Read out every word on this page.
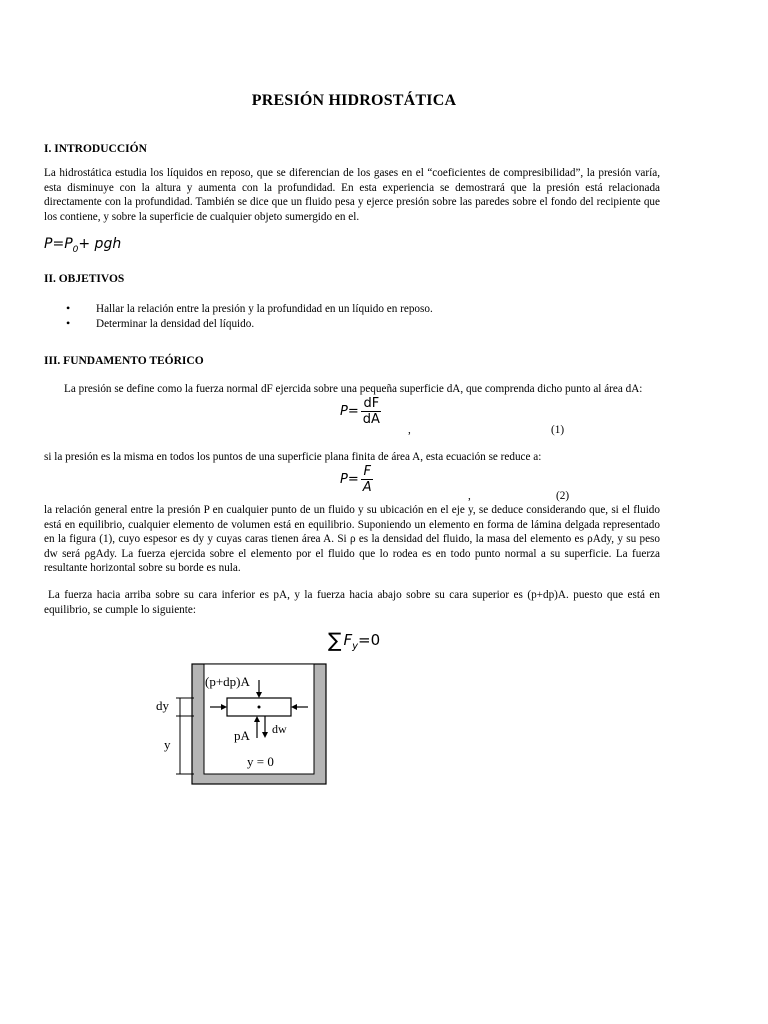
PRESIÓN HIDROSTÁTICA
I. INTRODUCCIÓN
La hidrostática estudia los líquidos en reposo, que se diferencian de los gases en el “coeficientes de compresibilidad”, la presión varía, esta disminuye con la altura y aumenta con la profundidad. En esta experiencia se demostrará que la presión está relacionada directamente con la profundidad. También se dice que un fluido pesa y ejerce presión sobre las paredes sobre el fondo del recipiente que los contiene, y sobre la superficie de cualquier objeto sumergido en el.
$P=P_0+$ pgh
II. OBJETIVOS
• Hallar la relación entre la presión y la profundidad en un líquido en reposo.
• Determinar la densidad del líquido.
III. FUNDAMENTO TEÓRICO
La presión se define como la fuerza normal dF ejercida sobre una pequeña superficie dA, que comprenda dicho punto al área dA:
$P= \frac{dF}{dA}$
,	(1)
si la presión es la misma en todos los puntos de una superficie plana finita de área A, esta ecuación se reduce a:
$P= \frac{F}{A}$
,	(2)
la relación general entre la presión P en cualquier punto de un fluido y su ubicación en el eje y, se deduce considerando que, si el fluido está en equilibrio, cualquier elemento de volumen está en equilibrio. Suponiendo un elemento en forma de lámina delgada representado en la figura (1), cuyo espesor es dy y cuyas caras tienen área A. Si ρ es la densidad del fluido, la masa del elemento es ρAdy, y su peso dw será ρgAdy. La fuerza ejercida sobre el elemento por el fluido que lo rodea es en todo punto normal a su superficie. La fuerza resultante horizontal sobre su borde es nula.
La fuerza hacia arriba sobre su cara inferior es pA, y la fuerza hacia abajo sobre su cara superior es (p+dp)A. puesto que está en equilibrio, se cumple lo siguiente:
∑ $F_y=0$
(p+dp)A
pA dw
dy
y
y = 0
